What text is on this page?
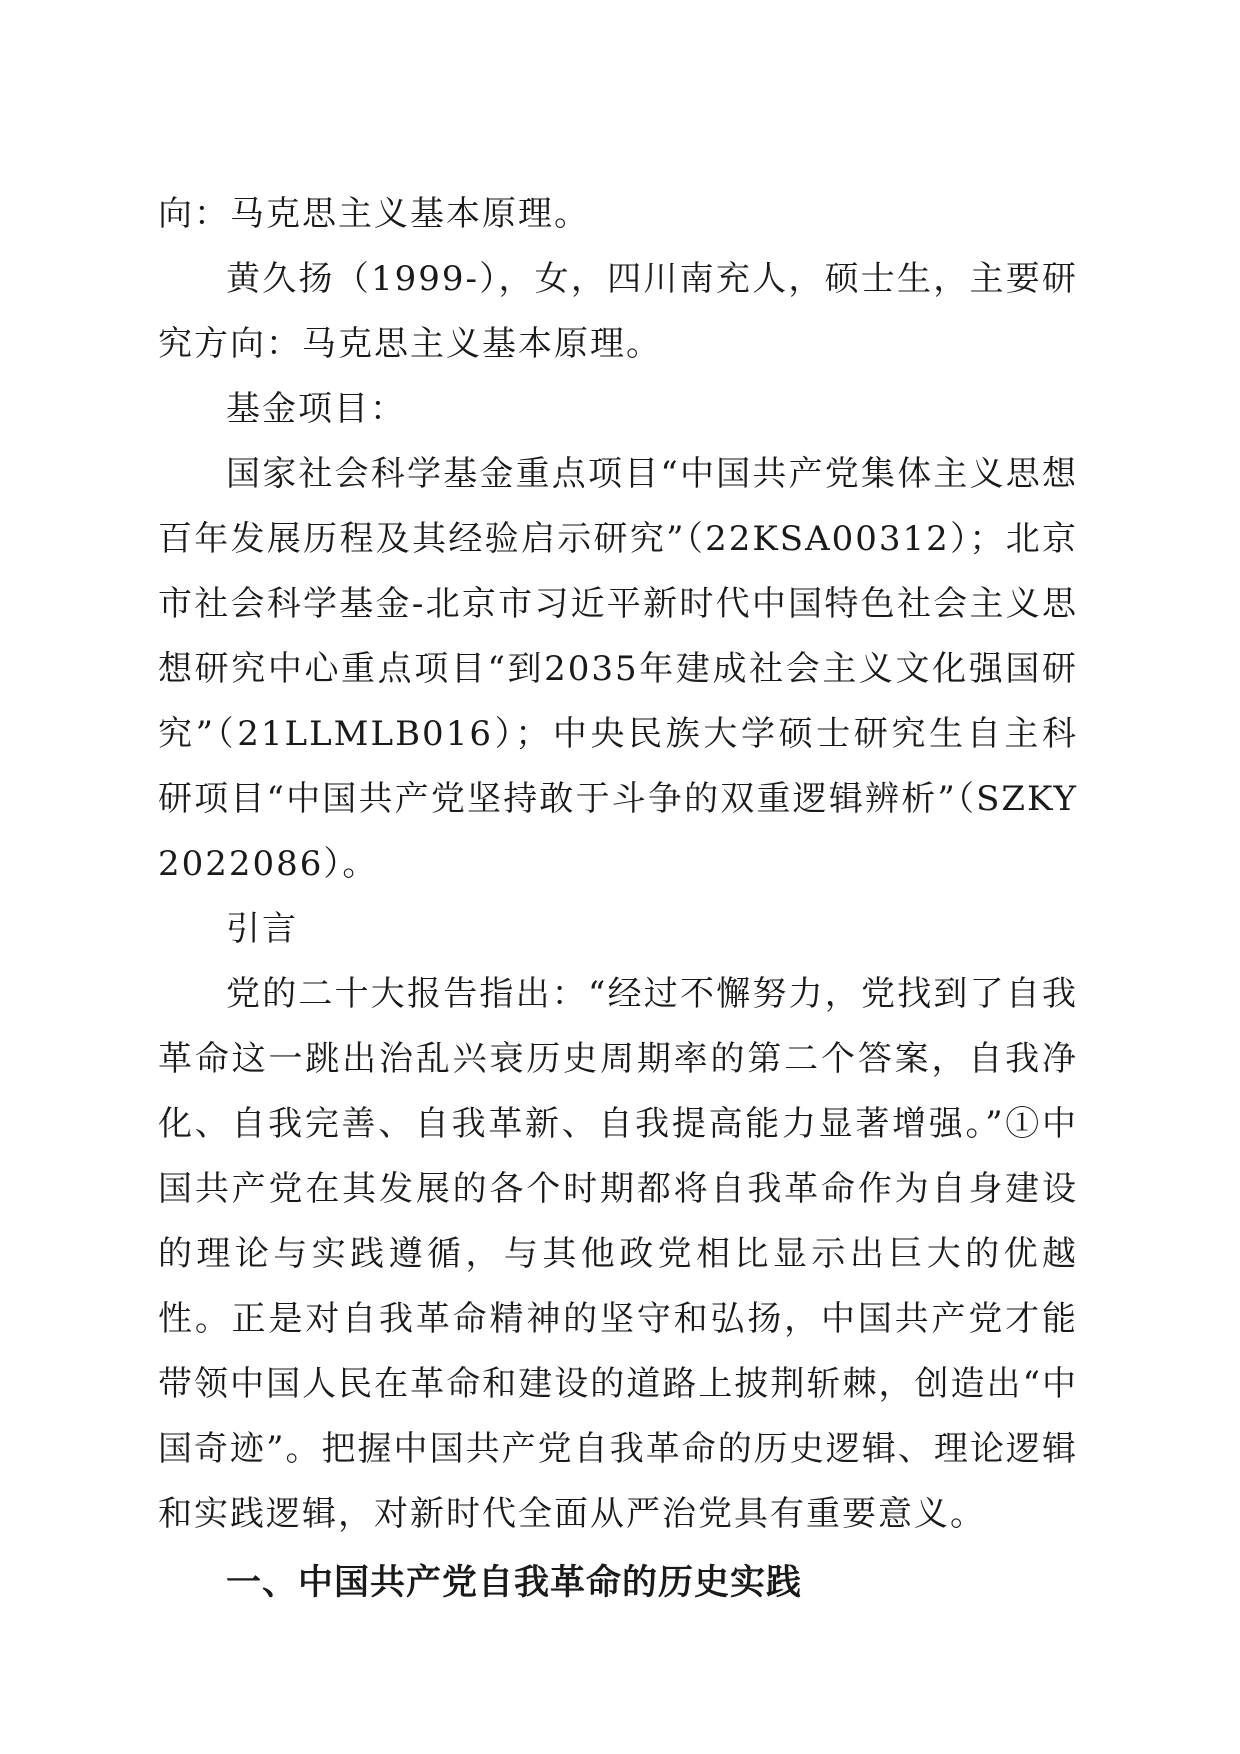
向：马克思主义基本原理。

黄久扬（1999-），女，四川南充人，硕士生，主要研究方向：马克思主义基本原理。

基金项目：

国家社会科学基金重点项目“中国共产党集体主义思想百年发展历程及其经验启示研究”（22KSA00312）；北京市社会科学基金-北京市习近平新时代中国特色社会主义思想研究中心重点项目“到2035年建成社会主义文化强国研究”（21LLMLB016）；中央民族大学硕士研究生自主科研项目“中国共产党坚持敢于斗争的双重逻辑辨析”（SZKY2022086）。

引言

党的二十大报告指出：“经过不懈努力，党找到了自我革命这一跳出治乱兴衰历史周期率的第二个答案，自我净化、自我完善、自我革新、自我提高能力显著增强。”①中国共产党在其发展的各个时期都将自我革命作为自身建设的理论与实践遵循，与其他政党相比显示出巨大的优越性。正是对自我革命精神的坚守和弘扬，中国共产党才能带领中国人民在革命和建设的道路上披荆斩棘，创造出“中国奇迹”。把握中国共产党自我革命的历史逻辑、理论逻辑和实践逻辑，对新时代全面从严治党具有重要意义。

一、中国共产党自我革命的历史实践
